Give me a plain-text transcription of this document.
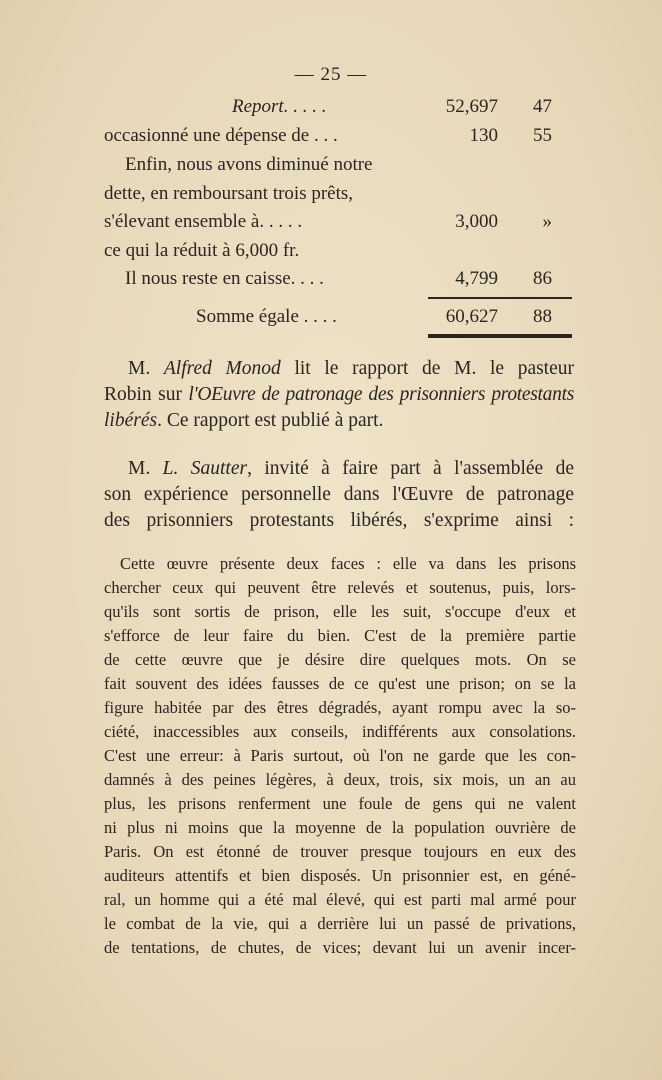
— 25 —
Report. . . . .	52,697	47
occasionné une dépense de . . .	130	55
Enfin, nous avons diminué notre
dette, en remboursant trois prêts,
s'élevant ensemble à. . . . .	3,000	»
ce qui la réduit à 6,000 fr.
Il nous reste en caisse. . . .	4,799	86
Somme égale . . . .	60,627	88
M. Alfred Monod lit le rapport de M. le pasteur
Robin sur l'OEuvre de patronage des prisonniers protestants
libérés. Ce rapport est publié à part.
M. L. Sautter, invité à faire part à l'assemblée de
son expérience personnelle dans l'Œuvre de patronage
des prisonniers protestants libérés, s'exprime ainsi :
Cette œuvre présente deux faces : elle va dans les prisons
chercher ceux qui peuvent être relevés et soutenus, puis, lors-
qu'ils sont sortis de prison, elle les suit, s'occupe d'eux et
s'efforce de leur faire du bien. C'est de la première partie
de cette œuvre que je désire dire quelques mots. On se
fait souvent des idées fausses de ce qu'est une prison; on se la
figure habitée par des êtres dégradés, ayant rompu avec la so-
ciété, inaccessibles aux conseils, indifférents aux consolations.
C'est une erreur: à Paris surtout, où l'on ne garde que les con-
damnés à des peines légères, à deux, trois, six mois, un an au
plus, les prisons renferment une foule de gens qui ne valent
ni plus ni moins que la moyenne de la population ouvrière de
Paris. On est étonné de trouver presque toujours en eux des
auditeurs attentifs et bien disposés. Un prisonnier est, en géné-
ral, un homme qui a été mal élevé, qui est parti mal armé pour
le combat de la vie, qui a derrière lui un passé de privations,
de tentations, de chutes, de vices; devant lui un avenir incer-
